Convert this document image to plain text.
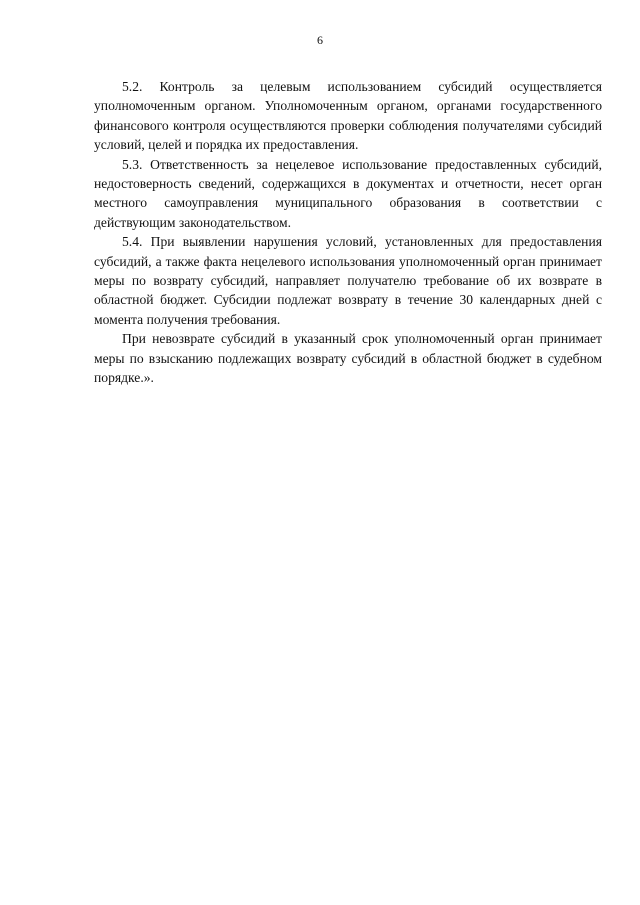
6

5.2. Контроль за целевым использованием субсидий осуществляется уполномоченным органом. Уполномоченным органом, органами государственного финансового контроля осуществляются проверки соблюдения получателями субсидий условий, целей и порядка их предоставления.

5.3. Ответственность за нецелевое использование предоставленных субсидий, недостоверность сведений, содержащихся в документах и отчетности, несет орган местного самоуправления муниципального образования в соответствии с действующим законодательством.

5.4. При выявлении нарушения условий, установленных для предоставления субсидий, а также факта нецелевого использования уполномоченный орган принимает меры по возврату субсидий, направляет получателю требование об их возврате в областной бюджет. Субсидии подлежат возврату в течение 30 календарных дней с момента получения требования.

При невозврате субсидий в указанный срок уполномоченный орган принимает меры по взысканию подлежащих возврату субсидий в областной бюджет в судебном порядке.».
